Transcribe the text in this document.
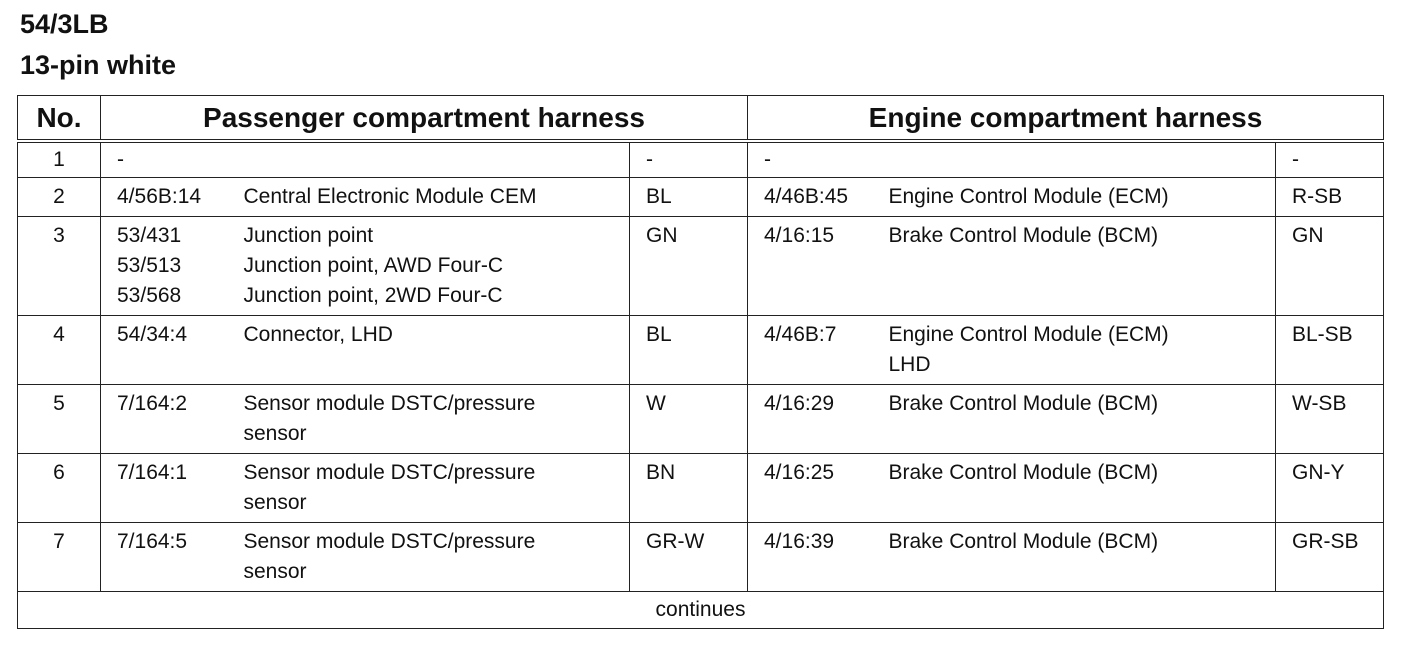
54/3LB
13-pin white
No.	Passenger compartment harness			Engine compartment harness		

1	-		-	-		-

2	4/56B:14	Central Electronic Module CEM	BL	4/46B:45	Engine Control Module (ECM)	R-SB

3	53/431
53/513
53/568	Junction point
Junction point, AWD Four-C
Junction point, 2WD Four-C	GN	4/16:15	Brake Control Module (BCM)	GN

4	54/34:4	Connector, LHD	BL	4/46B:7	Engine Control Module (ECM)
LHD	BL-SB

5	7/164:2	Sensor module DSTC/pressure
sensor	W	4/16:29	Brake Control Module (BCM)	W-SB

6	7/164:1	Sensor module DSTC/pressure
sensor	BN	4/16:25	Brake Control Module (BCM)	GN-Y

7	7/164:5	Sensor module DSTC/pressure
sensor	GR-W	4/16:39	Brake Control Module (BCM)	GR-SB

continues						
